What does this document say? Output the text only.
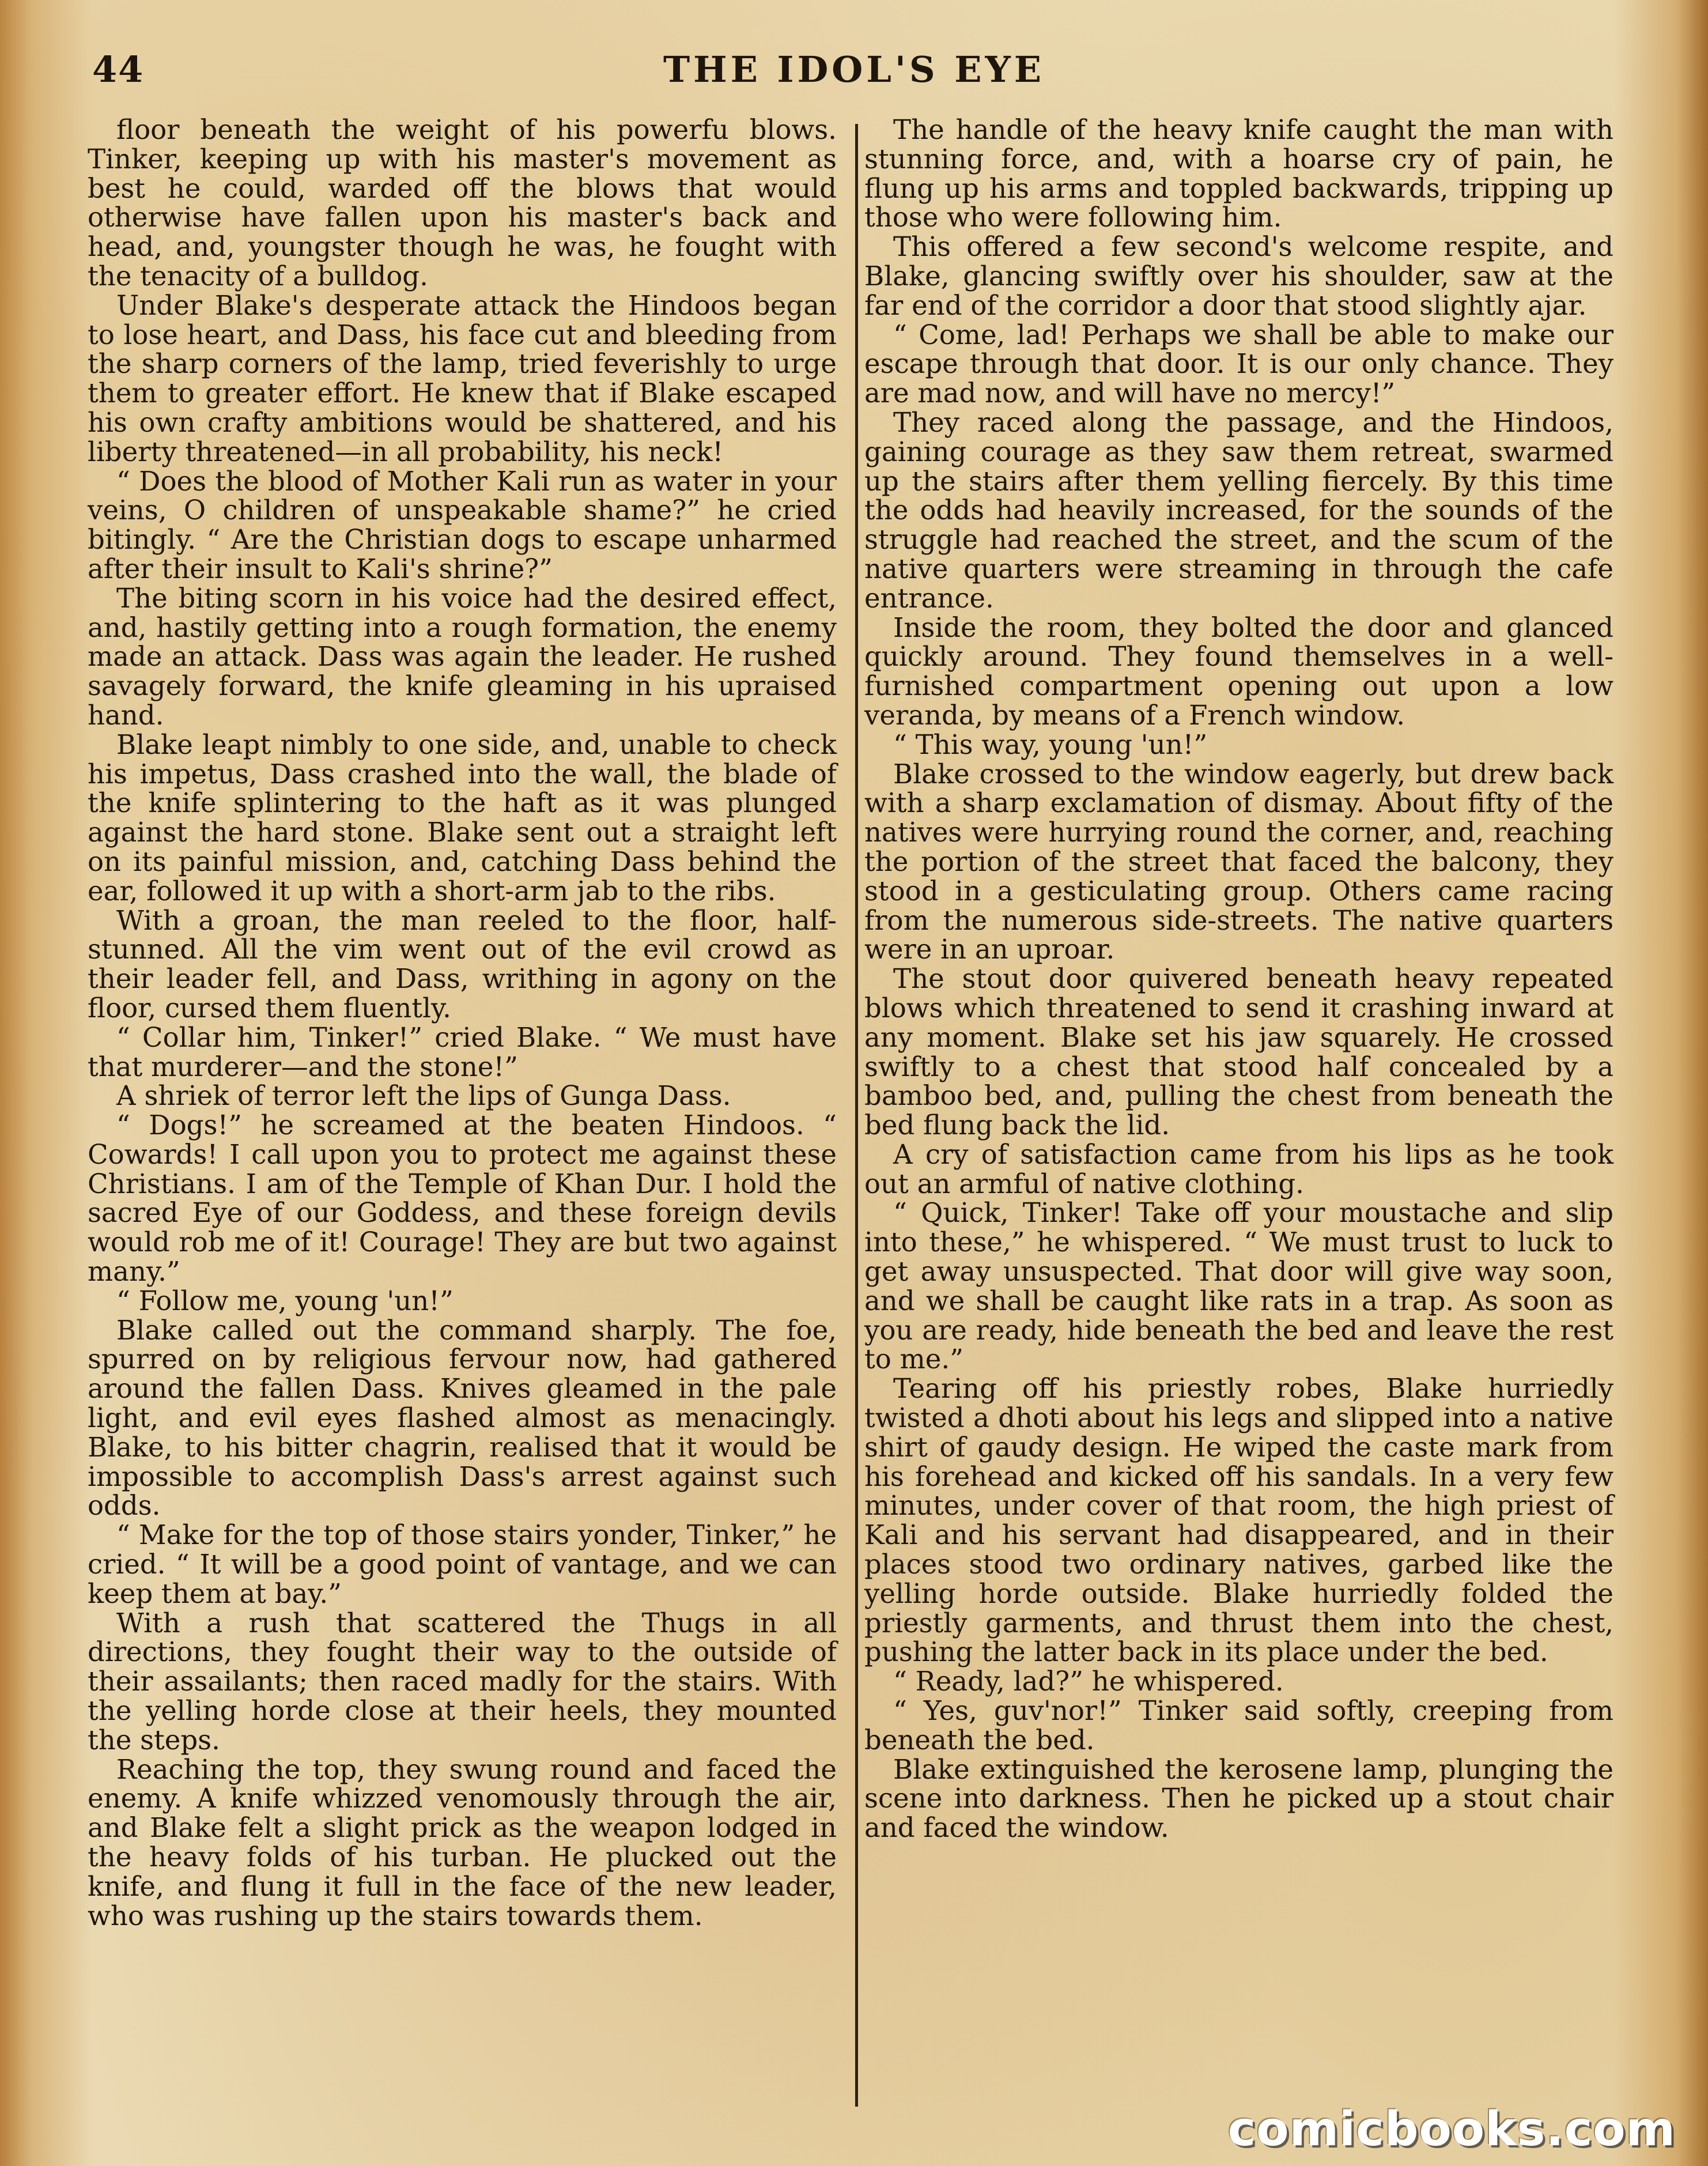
44	THE IDOL'S EYE

floor beneath the weight of his powerfu blows. Tinker, keeping up with his master's movement as best he could, warded off the blows that would otherwise have fallen upon his master's back and head, and, youngster though he was, he fought with the tenacity of a bulldog.

Under Blake's desperate attack the Hindoos began to lose heart, and Dass, his face cut and bleeding from the sharp corners of the lamp, tried feverishly to urge them to greater effort. He knew that if Blake escaped his own crafty ambitions would be shattered, and his liberty threatened—in all probability, his neck!

“ Does the blood of Mother Kali run as water in your veins, O children of unspeakable shame?” he cried bitingly. “ Are the Christian dogs to escape unharmed after their insult to Kali's shrine?”

The biting scorn in his voice had the desired effect, and, hastily getting into a rough formation, the enemy made an attack. Dass was again the leader. He rushed savagely forward, the knife gleaming in his upraised hand.

Blake leapt nimbly to one side, and, unable to check his impetus, Dass crashed into the wall, the blade of the knife splintering to the haft as it was plunged against the hard stone. Blake sent out a straight left on its painful mission, and, catching Dass behind the ear, followed it up with a short-arm jab to the ribs.

With a groan, the man reeled to the floor, half-stunned. All the vim went out of the evil crowd as their leader fell, and Dass, writhing in agony on the floor, cursed them fluently.

“ Collar him, Tinker!” cried Blake. “ We must have that murderer—and the stone!”

A shriek of terror left the lips of Gunga Dass.

“ Dogs!” he screamed at the beaten Hindoos. “ Cowards! I call upon you to protect me against these Christians. I am of the Temple of Khan Dur. I hold the sacred Eye of our Goddess, and these foreign devils would rob me of it! Courage! They are but two against many.”

“ Follow me, young 'un!”

Blake called out the command sharply. The foe, spurred on by religious fervour now, had gathered around the fallen Dass. Knives gleamed in the pale light, and evil eyes flashed almost as menacingly. Blake, to his bitter chagrin, realised that it would be impossible to accomplish Dass's arrest against such odds.

“ Make for the top of those stairs yonder, Tinker,” he cried. “ It will be a good point of vantage, and we can keep them at bay.”

With a rush that scattered the Thugs in all directions, they fought their way to the outside of their assailants; then raced madly for the stairs. With the yelling horde close at their heels, they mounted the steps.

Reaching the top, they swung round and faced the enemy. A knife whizzed venomously through the air, and Blake felt a slight prick as the weapon lodged in the heavy folds of his turban. He plucked out the knife, and flung it full in the face of the new leader, who was rushing up the stairs towards them.

The handle of the heavy knife caught the man with stunning force, and, with a hoarse cry of pain, he flung up his arms and toppled backwards, tripping up those who were following him.

This offered a few second's welcome respite, and Blake, glancing swiftly over his shoulder, saw at the far end of the corridor a door that stood slightly ajar.

“ Come, lad! Perhaps we shall be able to make our escape through that door. It is our only chance. They are mad now, and will have no mercy!”

They raced along the passage, and the Hindoos, gaining courage as they saw them retreat, swarmed up the stairs after them yelling fiercely. By this time the odds had heavily increased, for the sounds of the struggle had reached the street, and the scum of the native quarters were streaming in through the cafe entrance.

Inside the room, they bolted the door and glanced quickly around. They found themselves in a well-furnished compartment opening out upon a low veranda, by means of a French window.

“ This way, young 'un!”

Blake crossed to the window eagerly, but drew back with a sharp exclamation of dismay. About fifty of the natives were hurrying round the corner, and, reaching the portion of the street that faced the balcony, they stood in a gesticulating group. Others came racing from the numerous side-streets. The native quarters were in an uproar.

The stout door quivered beneath heavy repeated blows which threatened to send it crashing inward at any moment. Blake set his jaw squarely. He crossed swiftly to a chest that stood half concealed by a bamboo bed, and, pulling the chest from beneath the bed flung back the lid.

A cry of satisfaction came from his lips as he took out an armful of native clothing.

“ Quick, Tinker! Take off your moustache and slip into these,” he whispered. “ We must trust to luck to get away unsuspected. That door will give way soon, and we shall be caught like rats in a trap. As soon as you are ready, hide beneath the bed and leave the rest to me.”

Tearing off his priestly robes, Blake hurriedly twisted a dhoti about his legs and slipped into a native shirt of gaudy design. He wiped the caste mark from his forehead and kicked off his sandals. In a very few minutes, under cover of that room, the high priest of Kali and his servant had disappeared, and in their places stood two ordinary natives, garbed like the yelling horde outside. Blake hurriedly folded the priestly garments, and thrust them into the chest, pushing the latter back in its place under the bed.

“ Ready, lad?” he whispered.

“ Yes, guv'nor!” Tinker said softly, creeping from beneath the bed.

Blake extinguished the kerosene lamp, plunging the scene into darkness. Then he picked up a stout chair and faced the window.

comicbooks.com
